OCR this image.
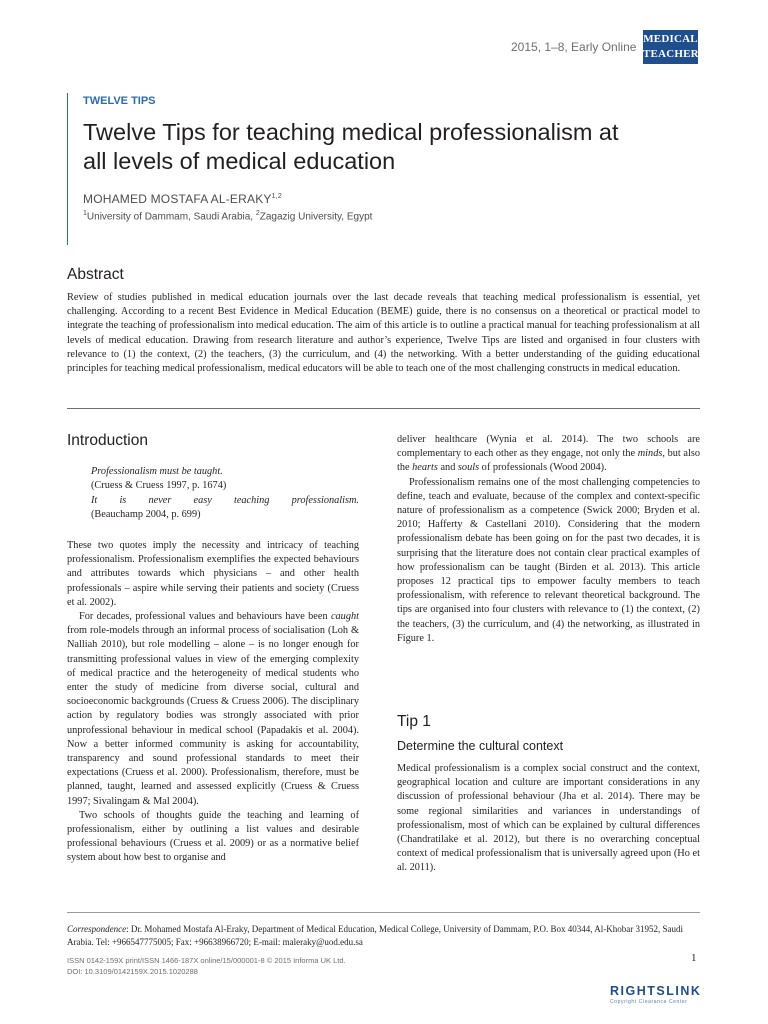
2015, 1–8, Early Online
MEDICAL
TEACHER
TWELVE TIPS
Twelve Tips for teaching medical professionalism at all levels of medical education
MOHAMED MOSTAFA AL-ERAKY$^{1,2}$
$^1$University of Dammam, Saudi Arabia, $^2$Zagazig University, Egypt
Abstract

Review of studies published in medical education journals over the last decade reveals that teaching medical professionalism is essential, yet challenging. According to a recent Best Evidence in Medical Education (BEME) guide, there is no consensus on a theoretical or practical model to integrate the teaching of professionalism into medical education. The aim of this article is to outline a practical manual for teaching professionalism at all levels of medical education. Drawing from research literature and author’s experience, Twelve Tips are listed and organised in four clusters with relevance to (1) the context, (2) the teachers, (3) the curriculum, and (4) the networking. With a better understanding of the guiding educational principles for teaching medical professionalism, medical educators will be able to teach one of the most challenging constructs in medical education.

Introduction
Professionalism must be taught.
(Cruess & Cruess 1997, p. 1674)
It is never easy teaching professionalism.
(Beauchamp 2004, p. 699)

These two quotes imply the necessity and intricacy of teaching professionalism. Professionalism exemplifies the expected behaviours and attributes towards which physicians – and other health professionals – aspire while serving their patients and society (Cruess et al. 2002).

For decades, professional values and behaviours have been caught from role-models through an informal process of socialisation (Loh & Nalliah 2010), but role modelling – alone – is no longer enough for transmitting professional values in view of the emerging complexity of medical practice and the heterogeneity of medical students who enter the study of medicine from diverse social, cultural and socioeconomic backgrounds (Cruess & Cruess 2006). The disciplinary action by regulatory bodies was strongly associated with prior unprofessional behaviour in medical school (Papadakis et al. 2004). Now a better informed community is asking for accountability, transparency and sound professional standards to meet their expectations (Cruess et al. 2000). Professionalism, therefore, must be planned, taught, learned and assessed explicitly (Cruess & Cruess 1997; Sivalingam & Mal 2004).

Two schools of thoughts guide the teaching and learning of professionalism, either by outlining a list values and desirable professional behaviours (Cruess et al. 2009) or as a normative belief system about how best to organise and

deliver healthcare (Wynia et al. 2014). The two schools are complementary to each other as they engage, not only the minds, but also the hearts and souls of professionals (Wood 2004).

Professionalism remains one of the most challenging competencies to define, teach and evaluate, because of the complex and context-specific nature of professionalism as a competence (Swick 2000; Bryden et al. 2010; Hafferty & Castellani 2010). Considering that the modern professionalism debate has been going on for the past two decades, it is surprising that the literature does not contain clear practical examples of how professionalism can be taught (Birden et al. 2013). This article proposes 12 practical tips to empower faculty members to teach professionalism, with reference to relevant theoretical background. The tips are organised into four clusters with relevance to (1) the context, (2) the teachers, (3) the curriculum, and (4) the networking, as illustrated in Figure 1.

Tip 1
Determine the cultural context

Medical professionalism is a complex social construct and the context, geographical location and culture are important considerations in any discussion of professional behaviour (Jha et al. 2014). There may be some regional similarities and variances in understandings of professionalism, most of which can be explained by cultural differences (Chandratilake et al. 2012), but there is no overarching conceptual context of medical professionalism that is universally agreed upon (Ho et al. 2011).

Correspondence: Dr. Mohamed Mostafa Al-Eraky, Department of Medical Education, Medical College, University of Dammam, P.O. Box 40344, Al-Khobar 31952, Saudi Arabia. Tel: +966547775005; Fax: +96638966720; E-mail: maleraky@uod.edu.sa
ISSN 0142-159X print/ISSN 1466-187X online/15/000001-8 © 2015 Informa UK Ltd.
DOI: 10.3109/0142159X.2015.1020288
1
RIGHTSLINK
Copyright Clearance Center
